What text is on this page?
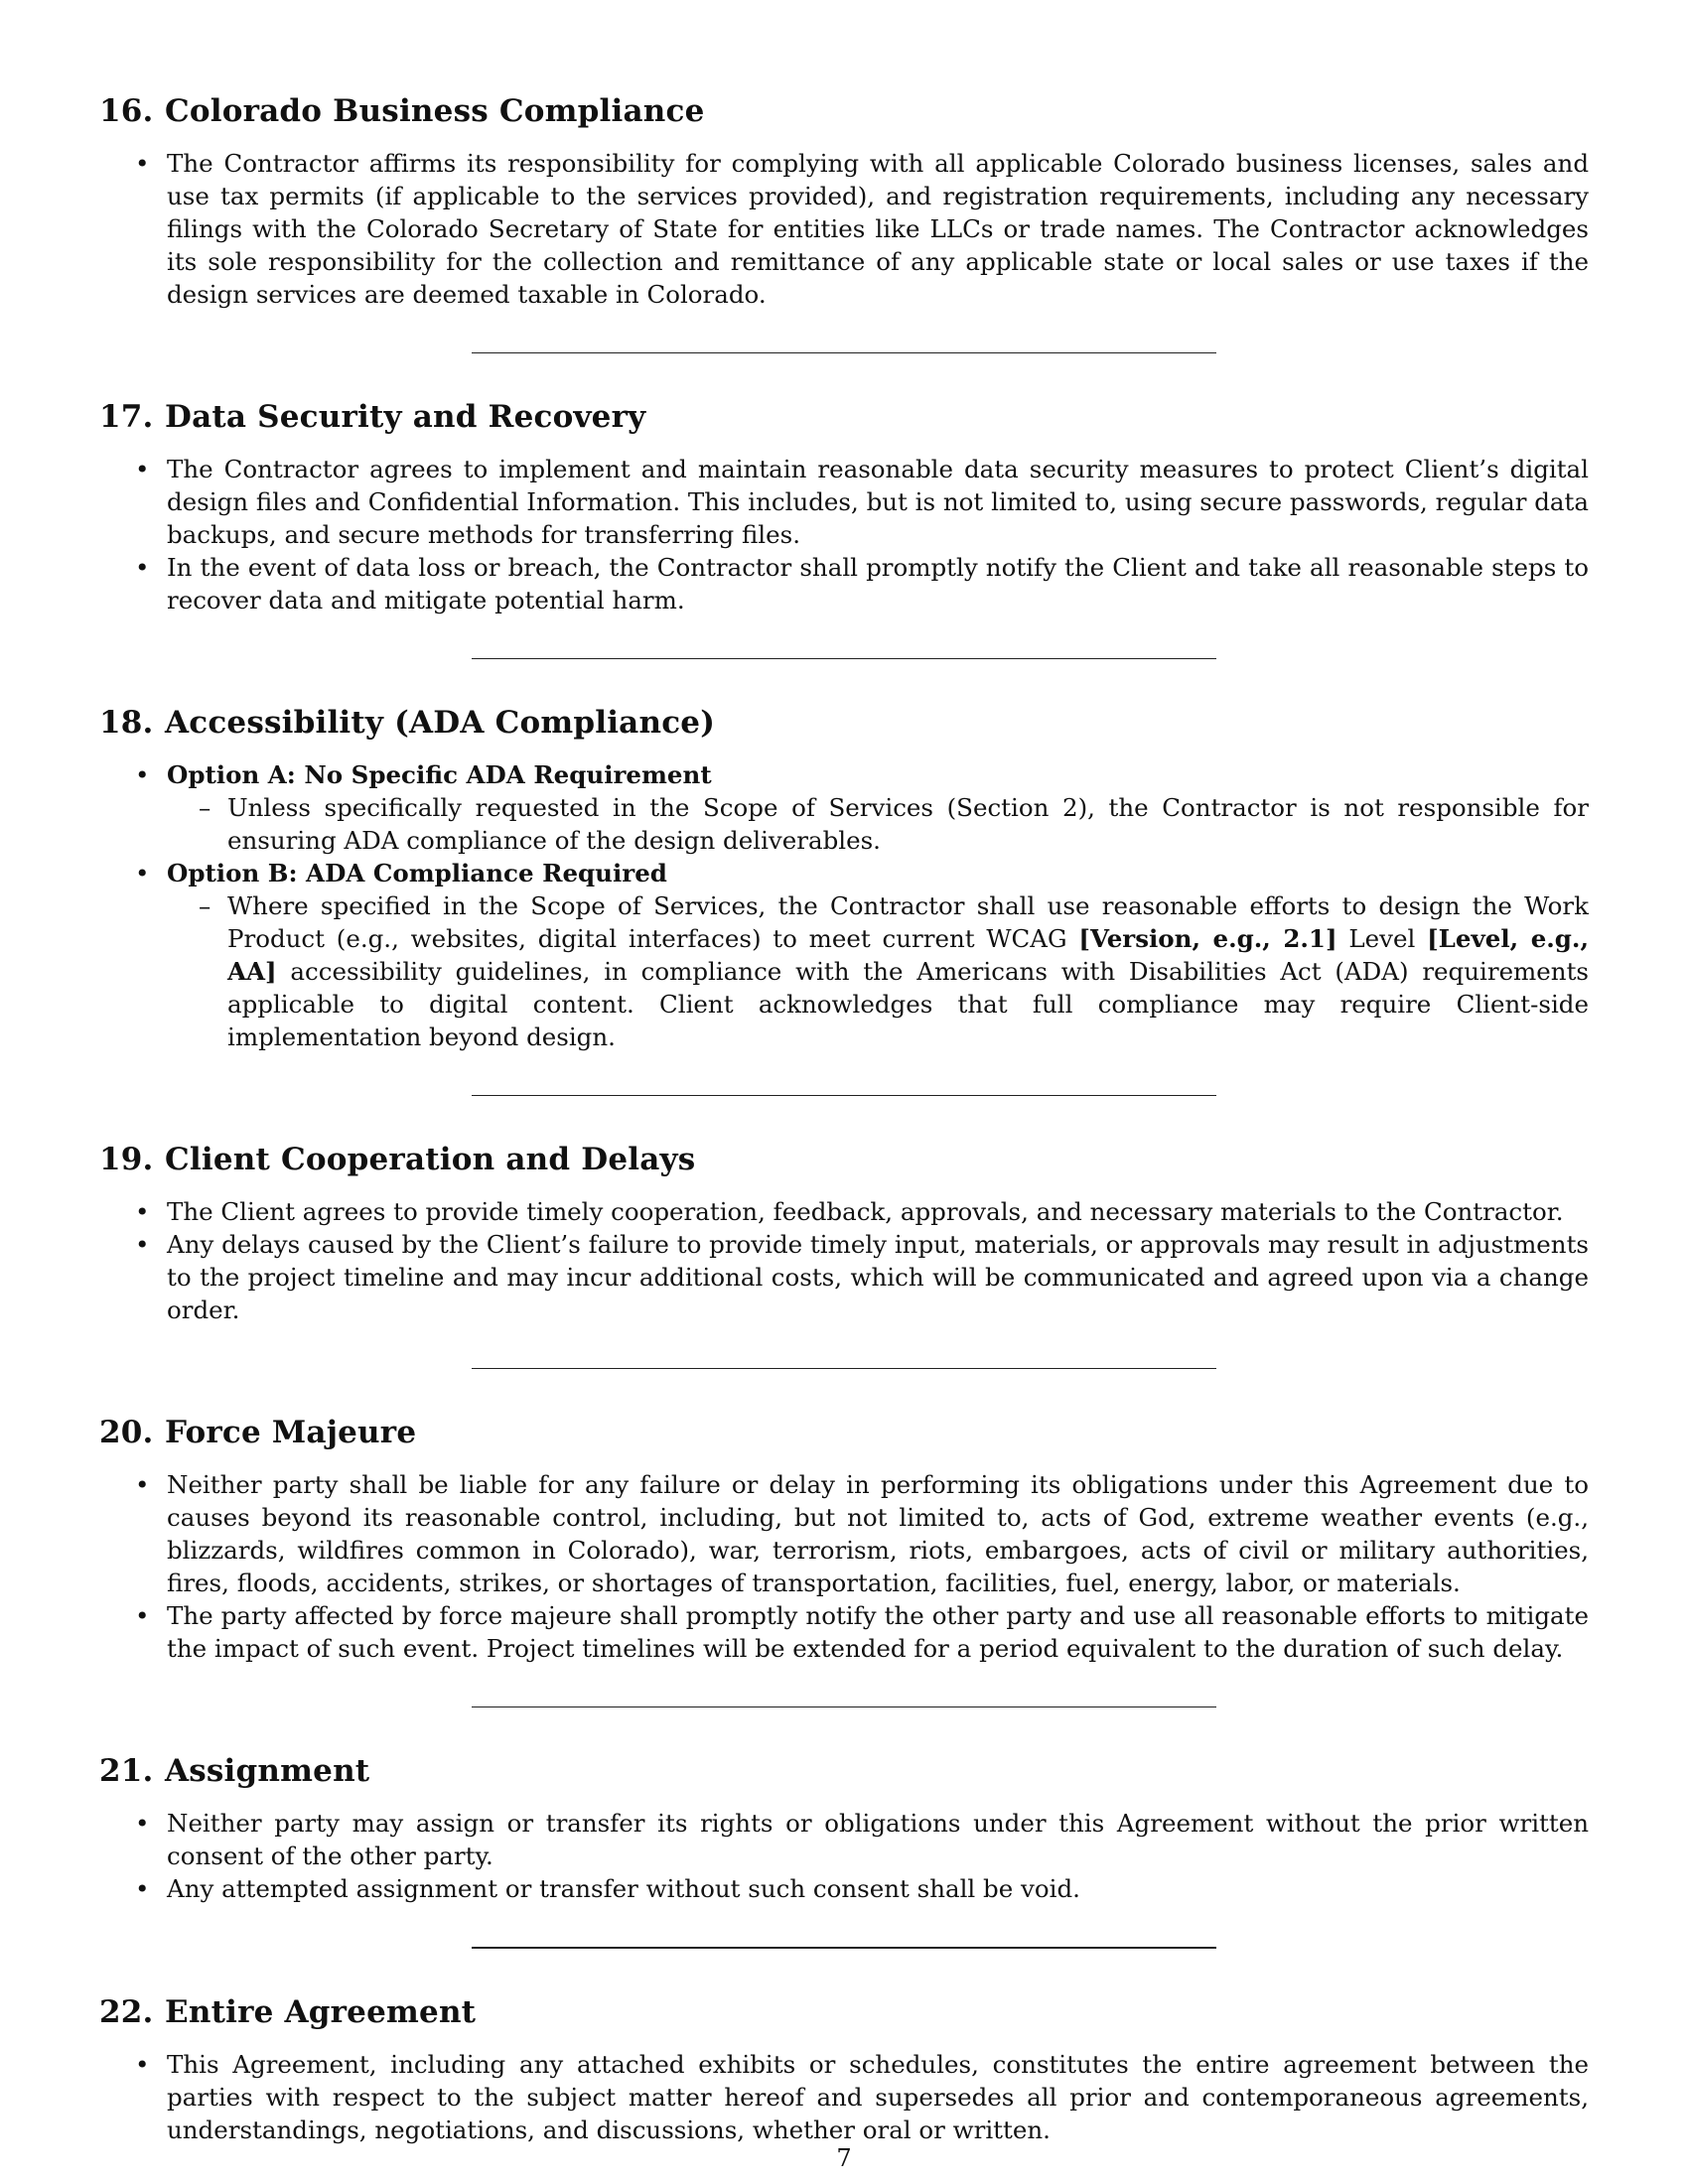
16. Colorado Business Compliance
• The Contractor affirms its responsibility for complying with all applicable Colorado business licenses, sales and use tax permits (if applicable to the services provided), and registration requirements, including any necessary filings with the Colorado Secretary of State for entities like LLCs or trade names. The Contractor acknowledges its sole responsibility for the collection and remittance of any applicable state or local sales or use taxes if the design services are deemed taxable in Colorado.
17. Data Security and Recovery
• The Contractor agrees to implement and maintain reasonable data security measures to protect Client’s digital design files and Confidential Information. This includes, but is not limited to, using secure passwords, regular data backups, and secure methods for transferring files.
• In the event of data loss or breach, the Contractor shall promptly notify the Client and take all reasonable steps to recover data and mitigate potential harm.
18. Accessibility (ADA Compliance)
• Option A: No Specific ADA Requirement
– Unless specifically requested in the Scope of Services (Section 2), the Contractor is not responsible for ensuring ADA compliance of the design deliverables.
• Option B: ADA Compliance Required
– Where specified in the Scope of Services, the Contractor shall use reasonable efforts to design the Work Product (e.g., websites, digital interfaces) to meet current WCAG [Version, e.g., 2.1] Level [Level, e.g., AA] accessibility guidelines, in compliance with the Americans with Disabilities Act (ADA) requirements applicable to digital content. Client acknowledges that full compliance may require Client-side implementation beyond design.
19. Client Cooperation and Delays
• The Client agrees to provide timely cooperation, feedback, approvals, and necessary materials to the Contractor.
• Any delays caused by the Client’s failure to provide timely input, materials, or approvals may result in adjustments to the project timeline and may incur additional costs, which will be communicated and agreed upon via a change order.
20. Force Majeure
• Neither party shall be liable for any failure or delay in performing its obligations under this Agreement due to causes beyond its reasonable control, including, but not limited to, acts of God, extreme weather events (e.g., blizzards, wildfires common in Colorado), war, terrorism, riots, embargoes, acts of civil or military authorities, fires, floods, accidents, strikes, or shortages of transportation, facilities, fuel, energy, labor, or materials.
• The party affected by force majeure shall promptly notify the other party and use all reasonable efforts to mitigate the impact of such event. Project timelines will be extended for a period equivalent to the duration of such delay.
21. Assignment
• Neither party may assign or transfer its rights or obligations under this Agreement without the prior written consent of the other party.
• Any attempted assignment or transfer without such consent shall be void.
22. Entire Agreement
• This Agreement, including any attached exhibits or schedules, constitutes the entire agreement between the parties with respect to the subject matter hereof and supersedes all prior and contemporaneous agreements, understandings, negotiations, and discussions, whether oral or written.
7
